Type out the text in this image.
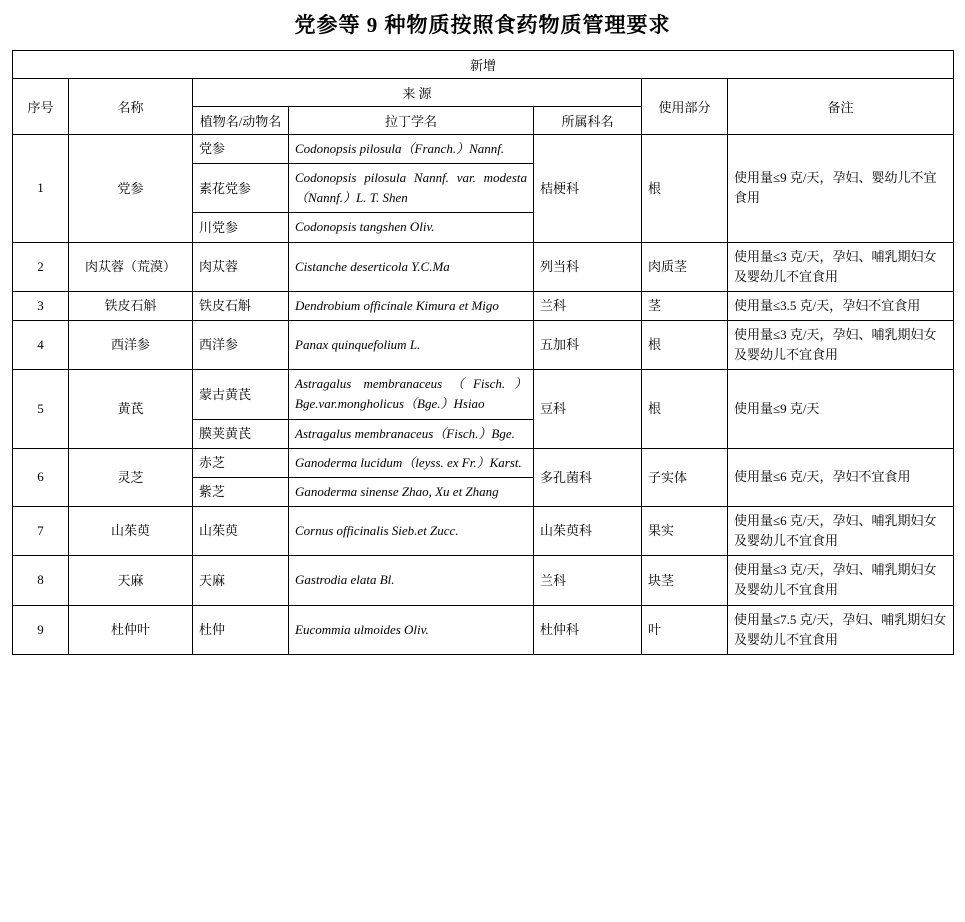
党参等 9 种物质按照食药物质管理要求
新增						
序号	名称	来 源			使用部分	备注
		植物名/动物名	拉丁学名	所属科名		
1	党参	党参	Codonopsis pilosula（Franch.）Nannf.	桔梗科	根	使用量≤9 克/天，孕妇、婴幼儿不宜食用
		素花党参	Codonopsis pilosula Nannf. var. modesta（Nannf.）L. T. Shen			
		川党参	Codonopsis tangshen Oliv.			
2	肉苁蓉（荒漠）	肉苁蓉	Cistanche deserticola Y.C.Ma	列当科	肉质茎	使用量≤3 克/天，孕妇、哺乳期妇女及婴幼儿不宜食用
3	铁皮石斛	铁皮石斛	Dendrobium officinale Kimura et Migo	兰科	茎	使用量≤3.5 克/天，孕妇不宜食用
4	西洋参	西洋参	Panax quinquefolium L.	五加科	根	使用量≤3 克/天，孕妇、哺乳期妇女及婴幼儿不宜食用
5	黄芪	蒙古黄芪	Astragalus membranaceus（Fisch.）Bge.var.mongholicus（Bge.）Hsiao	豆科	根	使用量≤9 克/天
		膜荚黄芪	Astragalus membranaceus（Fisch.）Bge.			
6	灵芝	赤芝	Ganoderma lucidum（leyss. ex Fr.）Karst.	多孔菌科	子实体	使用量≤6 克/天，孕妇不宜食用
		紫芝	Ganoderma sinense Zhao, Xu et Zhang			
7	山茱萸	山茱萸	Cornus officinalis Sieb.et Zucc.	山茱萸科	果实	使用量≤6 克/天，孕妇、哺乳期妇女及婴幼儿不宜食用
8	天麻	天麻	Gastrodia elata Bl.	兰科	块茎	使用量≤3 克/天，孕妇、哺乳期妇女及婴幼儿不宜食用
9	杜仲叶	杜仲	Eucommia ulmoides Oliv.	杜仲科	叶	使用量≤7.5 克/天，孕妇、哺乳期妇女及婴幼儿不宜食用
